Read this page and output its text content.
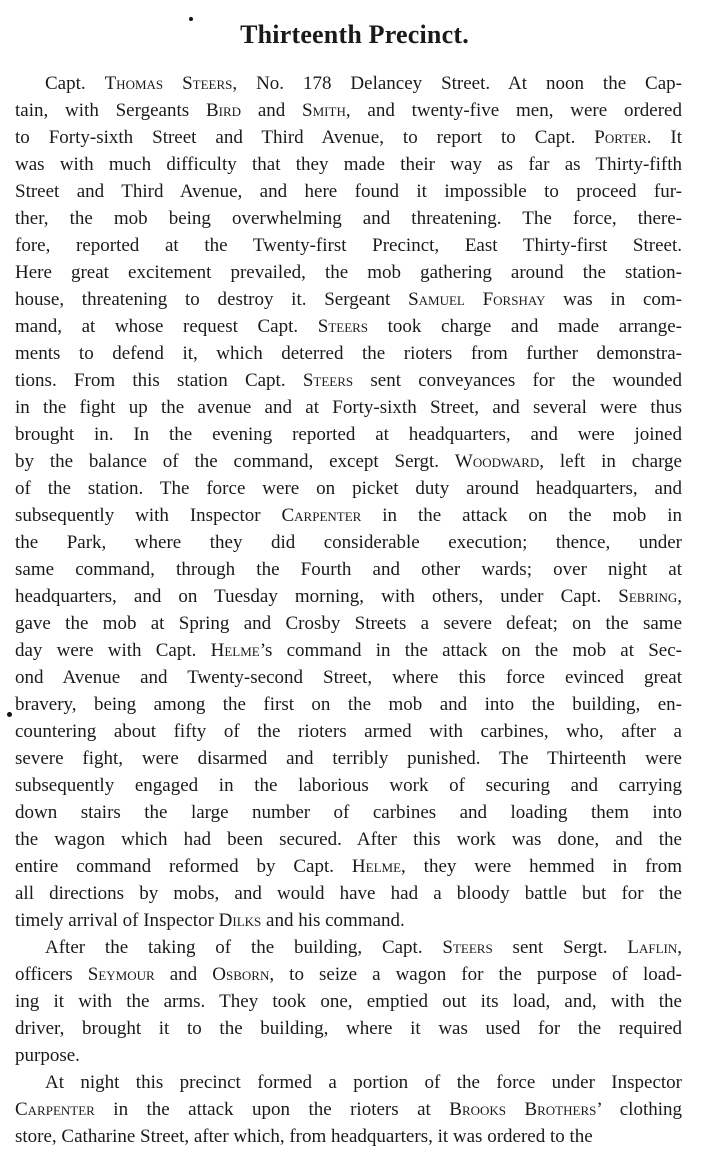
Thirteenth Precinct.
Capt. Thomas Steers, No. 178 Delancey Street. At noon the Cap-
tain, with Sergeants Bird and Smith, and twenty-five men, were ordered
to Forty-sixth Street and Third Avenue, to report to Capt. Porter. It
was with much difficulty that they made their way as far as Thirty-fifth
Street and Third Avenue, and here found it impossible to proceed fur-
ther, the mob being overwhelming and threatening. The force, there-
fore, reported at the Twenty-first Precinct, East Thirty-first Street.
Here great excitement prevailed, the mob gathering around the station-
house, threatening to destroy it. Sergeant Samuel Forshay was in com-
mand, at whose request Capt. Steers took charge and made arrange-
ments to defend it, which deterred the rioters from further demonstra-
tions. From this station Capt. Steers sent conveyances for the wounded
in the fight up the avenue and at Forty-sixth Street, and several were thus
brought in. In the evening reported at headquarters, and were joined
by the balance of the command, except Sergt. Woodward, left in charge
of the station. The force were on picket duty around headquarters, and
subsequently with Inspector Carpenter in the attack on the mob in
the Park, where they did considerable execution; thence, under
same command, through the Fourth and other wards; over night at
headquarters, and on Tuesday morning, with others, under Capt. Sebring,
gave the mob at Spring and Crosby Streets a severe defeat; on the same
day were with Capt. Helme’s command in the attack on the mob at Sec-
ond Avenue and Twenty-second Street, where this force evinced great
bravery, being among the first on the mob and into the building, en-
countering about fifty of the rioters armed with carbines, who, after a
severe fight, were disarmed and terribly punished. The Thirteenth were
subsequently engaged in the laborious work of securing and carrying
down stairs the large number of carbines and loading them into
the wagon which had been secured. After this work was done, and the
entire command reformed by Capt. Helme, they were hemmed in from
all directions by mobs, and would have had a bloody battle but for the
timely arrival of Inspector Dilks and his command.
After the taking of the building, Capt. Steers sent Sergt. Laflin,
officers Seymour and Osborn, to seize a wagon for the purpose of load-
ing it with the arms. They took one, emptied out its load, and, with the
driver, brought it to the building, where it was used for the required
purpose.
At night this precinct formed a portion of the force under Inspector
Carpenter in the attack upon the rioters at Brooks Brothers’ clothing
store, Catharine Street, after which, from headquarters, it was ordered to the
